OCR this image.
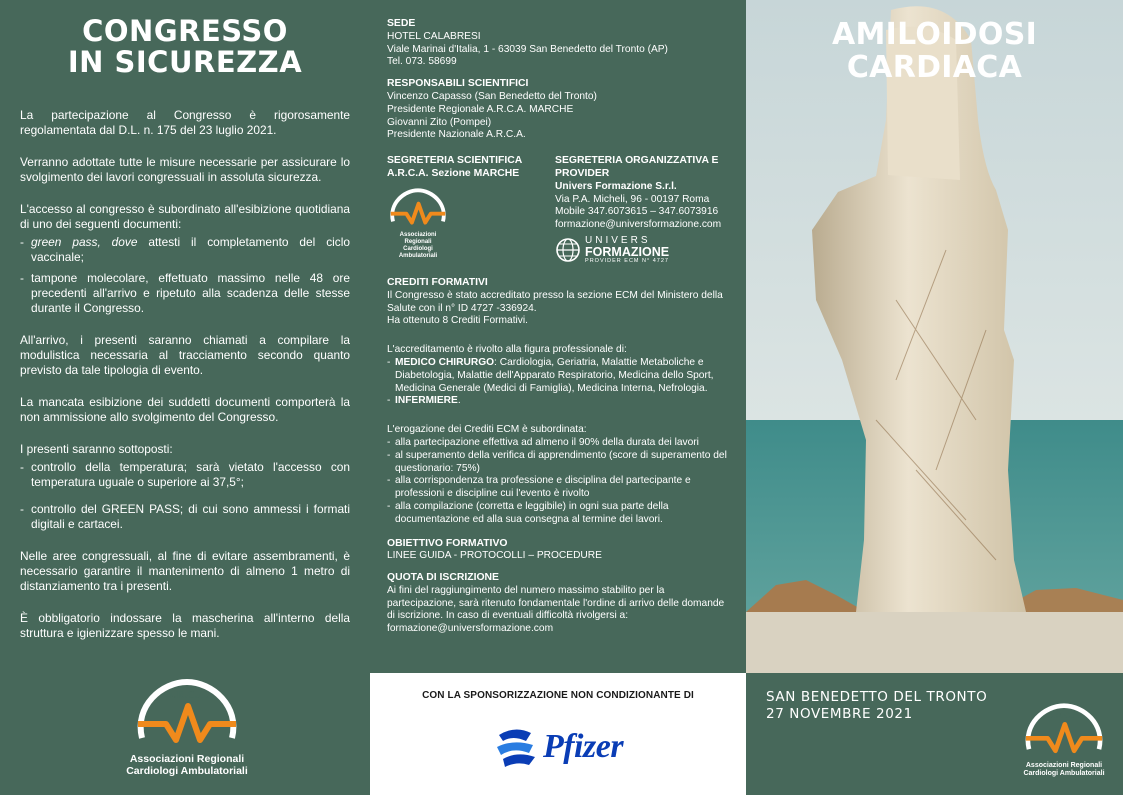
CONGRESSO
IN SICUREZZA

La partecipazione al Congresso è rigorosamente regolamentata dal D.L. n. 175 del 23 luglio 2021.

Verranno adottate tutte le misure necessarie per assicurare lo svolgimento dei lavori congressuali in assoluta sicurezza.

L'accesso al congresso è subordinato all'esibizione quotidiana di uno dei seguenti documenti:

- green pass, dove attesti il completamento del ciclo vaccinale;
- tampone molecolare, effettuato massimo nelle 48 ore precedenti all'arrivo e ripetuto alla scadenza delle stesse durante il Congresso.

All'arrivo, i presenti saranno chiamati a compilare la modulistica necessaria al tracciamento secondo quanto previsto da tale tipologia di evento.

La mancata esibizione dei suddetti documenti comporterà la non ammissione allo svolgimento del Congresso.

I presenti saranno sottoposti:

- controllo della temperatura; sarà vietato l'accesso con temperatura uguale o superiore ai 37,5°;
- controllo del GREEN PASS; di cui sono ammessi i formati digitali e cartacei.

Nelle aree congressuali, al fine di evitare assembramenti, è necessario garantire il mantenimento di almeno 1 metro di distanziamento tra i presenti.

È obbligatorio indossare la mascherina all'interno della struttura e igienizzare spesso le mani.

A.R.C.A.
Associazioni Regionali
Cardiologi Ambulatoriali
SEDE
HOTEL CALABRESI
Viale Marinai d'Italia, 1 - 63039 San Benedetto del Tronto (AP)
Tel. 073. 58699
RESPONSABILI SCIENTIFICI
Vincenzo Capasso (San Benedetto del Tronto)
Presidente Regionale A.R.C.A. MARCHE
Giovanni Zito (Pompei)
Presidente Nazionale A.R.C.A.
SEGRETERIA SCIENTIFICA
A.R.C.A. Sezione MARCHE
A.R.C.A.
Associazioni Regionali
Cardiologi Ambulatoriali
SEGRETERIA ORGANIZZATIVA E
PROVIDER
Univers Formazione S.r.l.
Via P.A. Micheli, 96 - 00197 Roma
Mobile 347.6073615 – 347.6073916
formazione@universformazione.com
UNIVERS
FORMAZIONE
PROVIDER ECM N° 4727
CREDITI FORMATIVI
Il Congresso è stato accreditato presso la sezione ECM del Ministero della Salute con il n° ID 4727 -336924.
Ha ottenuto 8 Crediti Formativi.
L'accreditamento è rivolto alla figura professionale di:
- MEDICO CHIRURGO: Cardiologia, Geriatria, Malattie Metaboliche e Diabetologia, Malattie dell'Apparato Respiratorio, Medicina dello Sport, Medicina Generale (Medici di Famiglia), Medicina Interna, Nefrologia.
- INFERMIERE.
L'erogazione dei Crediti ECM è subordinata:
- alla partecipazione effettiva ad almeno il 90% della durata dei lavori
- al superamento della verifica di apprendimento (score di superamento del questionario: 75%)
- alla corrispondenza tra professione e disciplina del partecipante e professioni e discipline cui l'evento è rivolto
- alla compilazione (corretta e leggibile) in ogni sua parte della documentazione ed alla sua consegna al termine dei lavori.
OBIETTIVO FORMATIVO
LINEE GUIDA - PROTOCOLLI – PROCEDURE
QUOTA DI ISCRIZIONE
Ai fini del raggiungimento del numero massimo stabilito per la partecipazione, sarà ritenuto fondamentale l'ordine di arrivo delle domande di iscrizione. In caso di eventuali difficoltà rivolgersi a:
formazione@universformazione.com
CON LA SPONSORIZZAZIONE NON CONDIZIONANTE DI
Pfizer
AMILOIDOSI
CARDIACA
SAN BENEDETTO DEL TRONTO
27 NOVEMBRE 2021	A.R.C.A.
Associazioni Regionali
Cardiologi Ambulatoriali
